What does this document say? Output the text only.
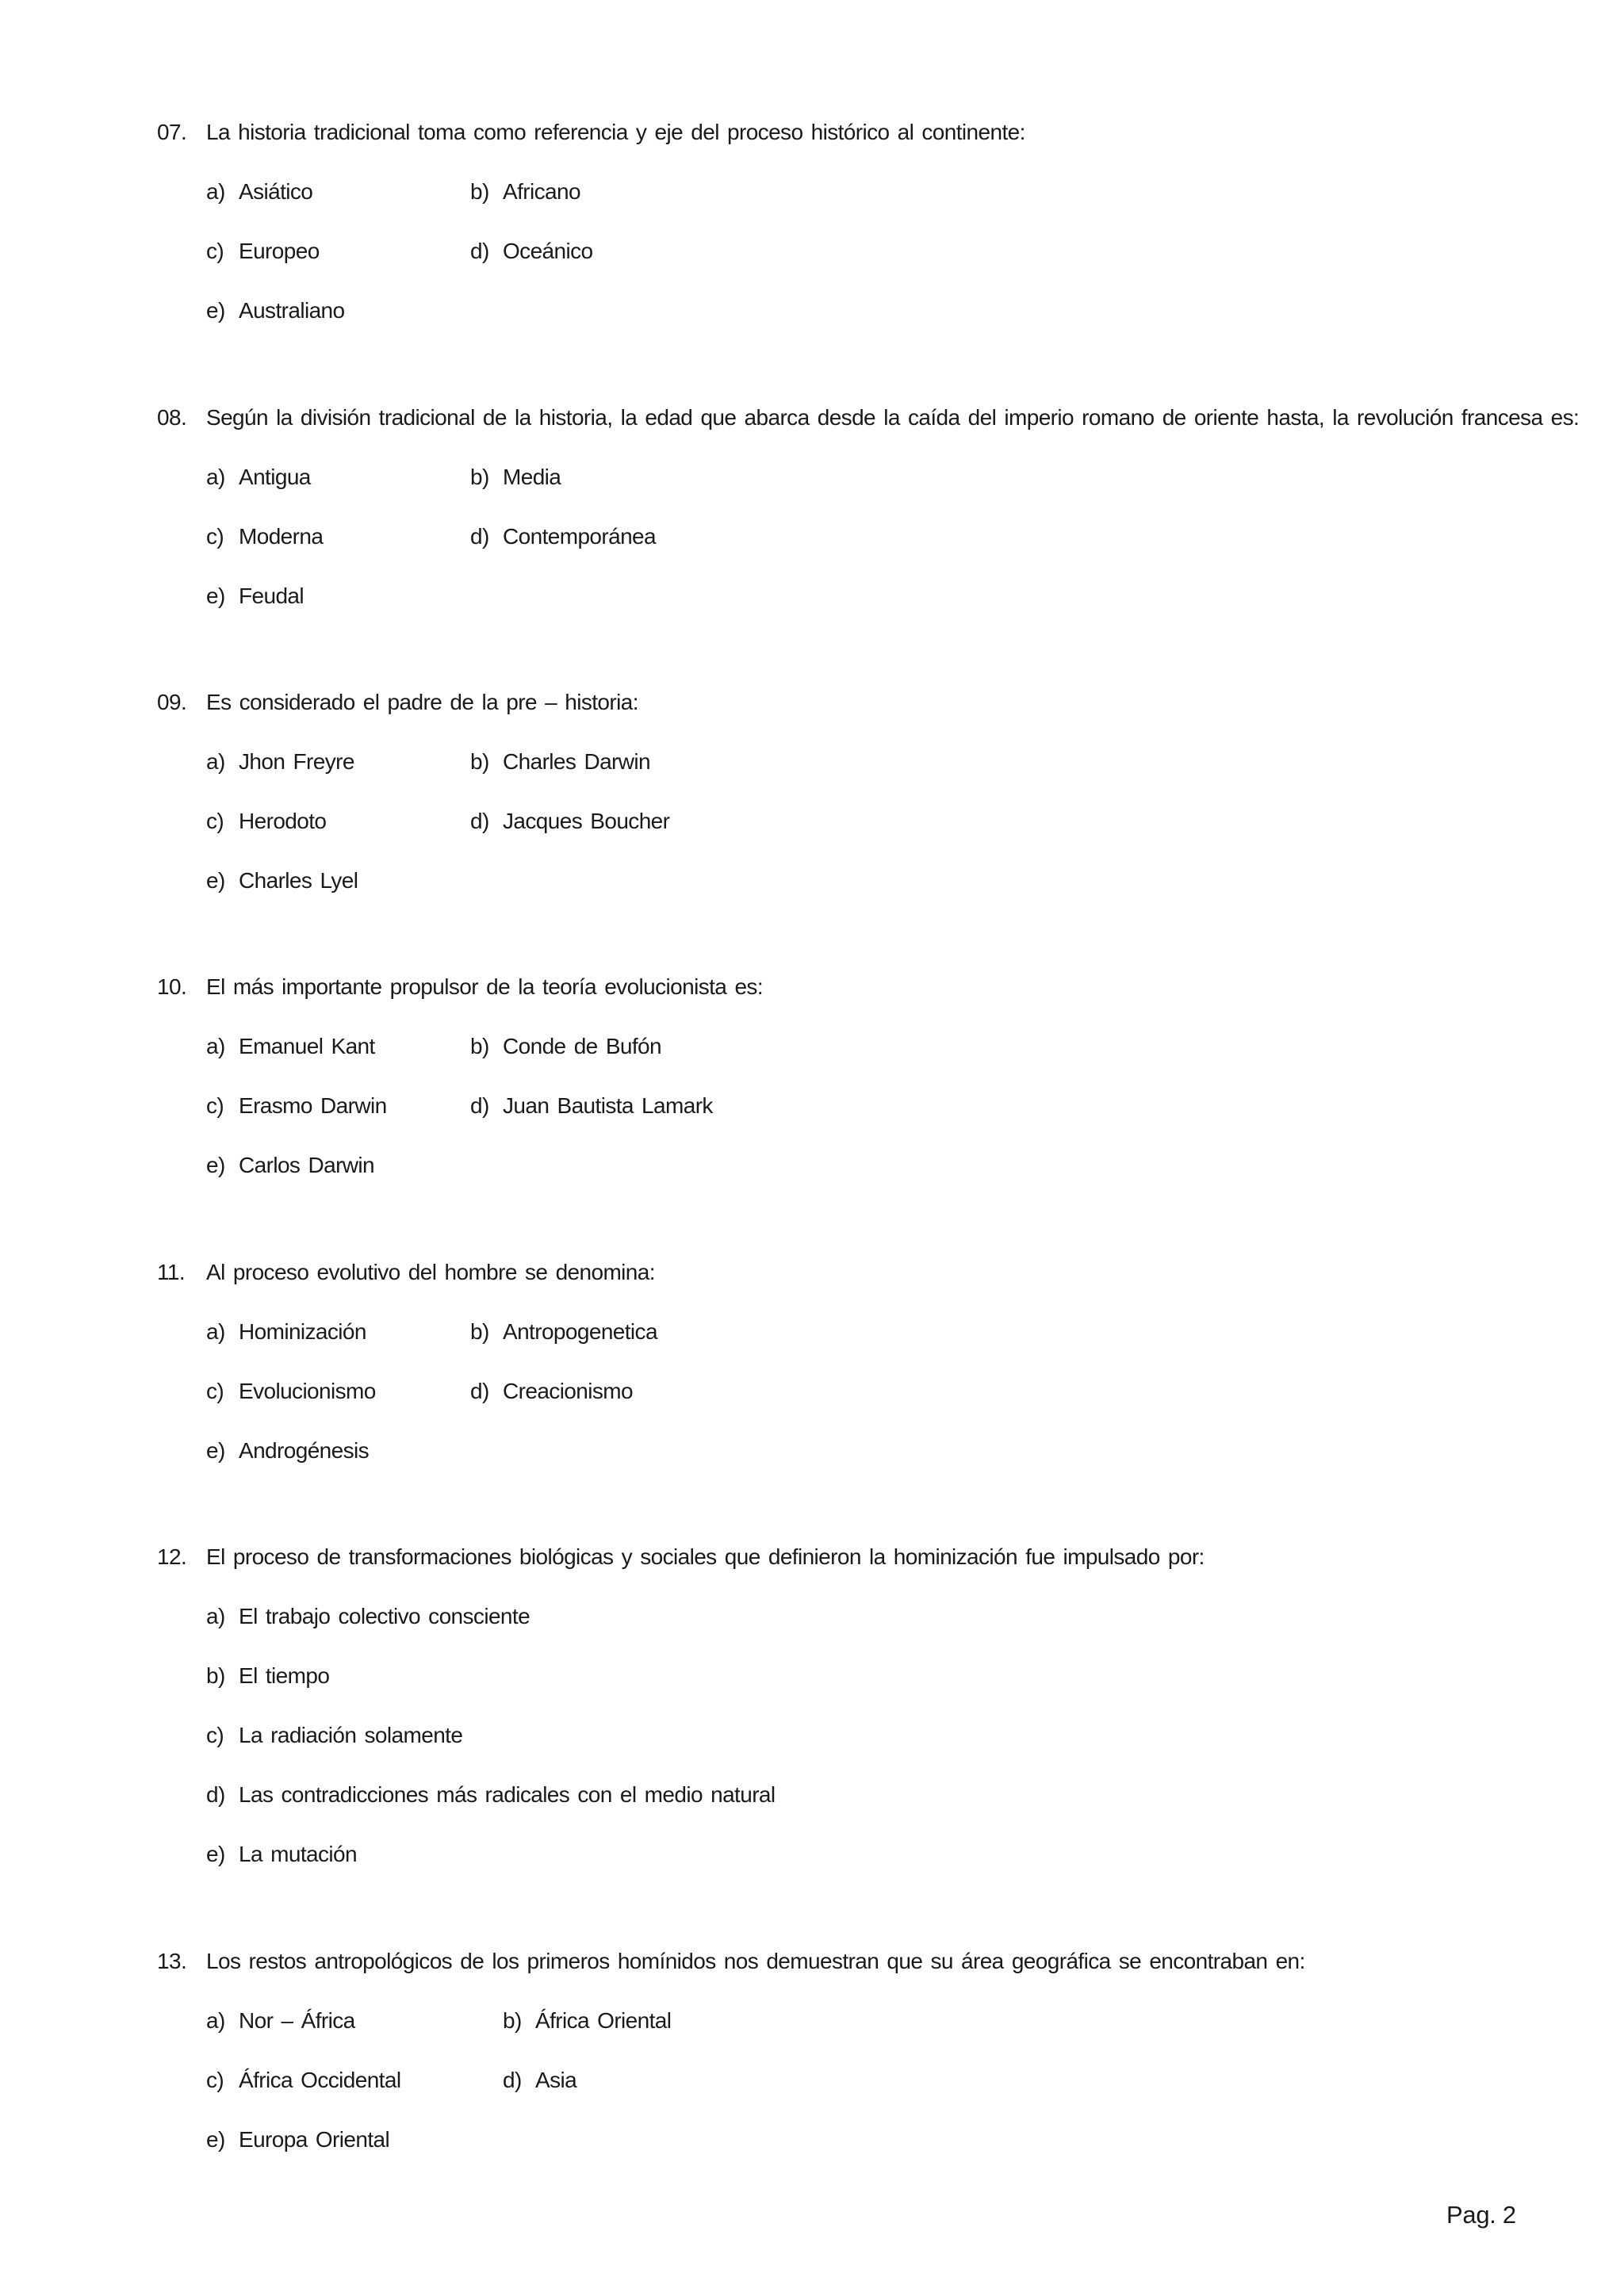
07. La historia tradicional toma como referencia y eje del proceso histórico al continente:
a) Asiático	b) Africano
c) Europeo	d) Oceánico
e) Australiano
08. Según la división tradicional de la historia, la edad que abarca desde la caída del imperio romano de oriente hasta, la revolución francesa es:
a) Antigua	b) Media
c) Moderna	d) Contemporánea
e) Feudal
09. Es considerado el padre de la pre – historia:
a) Jhon Freyre	b) Charles Darwin
c) Herodoto	d) Jacques Boucher
e) Charles Lyel
10. El más importante propulsor de la teoría evolucionista es:
a) Emanuel Kant	b) Conde de Bufón
c) Erasmo Darwin	d) Juan Bautista Lamark
e) Carlos Darwin
11. Al proceso evolutivo del hombre se denomina:
a) Hominización	b) Antropogenetica
c) Evolucionismo	d) Creacionismo
e) Androgénesis
12. El proceso de transformaciones biológicas y sociales que definieron la hominización fue impulsado por:
a) El trabajo colectivo consciente
b) El tiempo
c) La radiación solamente
d) Las contradicciones más radicales con el medio natural
e) La mutación
13. Los restos antropológicos de los primeros homínidos nos demuestran que su área geográfica se encontraban en:
a) Nor – África	b) África Oriental
c) África Occidental	d) Asia
e) Europa Oriental
Pag. 2
